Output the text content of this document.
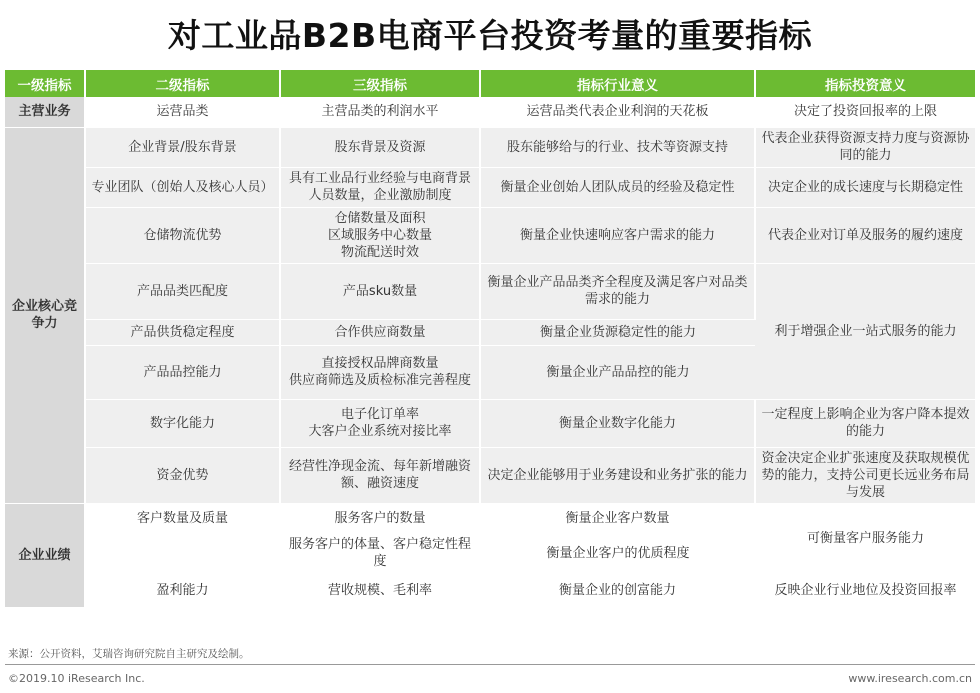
对工业品B2B电商平台投资考量的重要指标
一级指标	二级指标	三级指标	指标行业意义	指标投资意义
主营业务	运营品类	主营品类的利润水平	运营品类代表企业利润的天花板	决定了投资回报率的上限
企业核心竞争力	企业背景/股东背景	股东背景及资源	股东能够给与的行业、技术等资源支持	代表企业获得资源支持力度与资源协同的能力
	专业团队（创始人及核心人员）	具有工业品行业经验与电商背景人员数量，企业激励制度	衡量企业创始人团队成员的经验及稳定性	决定企业的成长速度与长期稳定性
	仓储物流优势	仓储数量及面积
区域服务中心数量
物流配送时效	衡量企业快速响应客户需求的能力	代表企业对订单及服务的履约速度
	产品品类匹配度	产品sku数量	衡量企业产品品类齐全程度及满足客户对品类需求的能力	利于增强企业一站式服务的能力
	产品供货稳定程度	合作供应商数量	衡量企业货源稳定性的能力	
	产品品控能力	直接授权品牌商数量
供应商筛选及质检标准完善程度	衡量企业产品品控的能力	
	数字化能力	电子化订单率
大客户企业系统对接比率	衡量企业数字化能力	一定程度上影响企业为客户降本提效的能力
	资金优势	经营性净现金流、每年新增融资额、融资速度	决定企业能够用于业务建设和业务扩张的能力	资金决定企业扩张速度及获取规模优势的能力，支持公司更长远业务布局与发展
企业业绩	客户数量及质量	服务客户的数量	衡量企业客户数量	可衡量客户服务能力
		服务客户的体量、客户稳定性程度	衡量企业客户的优质程度	
	盈利能力	营收规模、毛利率	衡量企业的创富能力	反映企业行业地位及投资回报率
来源：公开资料，艾瑞咨询研究院自主研究及绘制。
©2019.10 iResearch Inc.	www.iresearch.com.cn
